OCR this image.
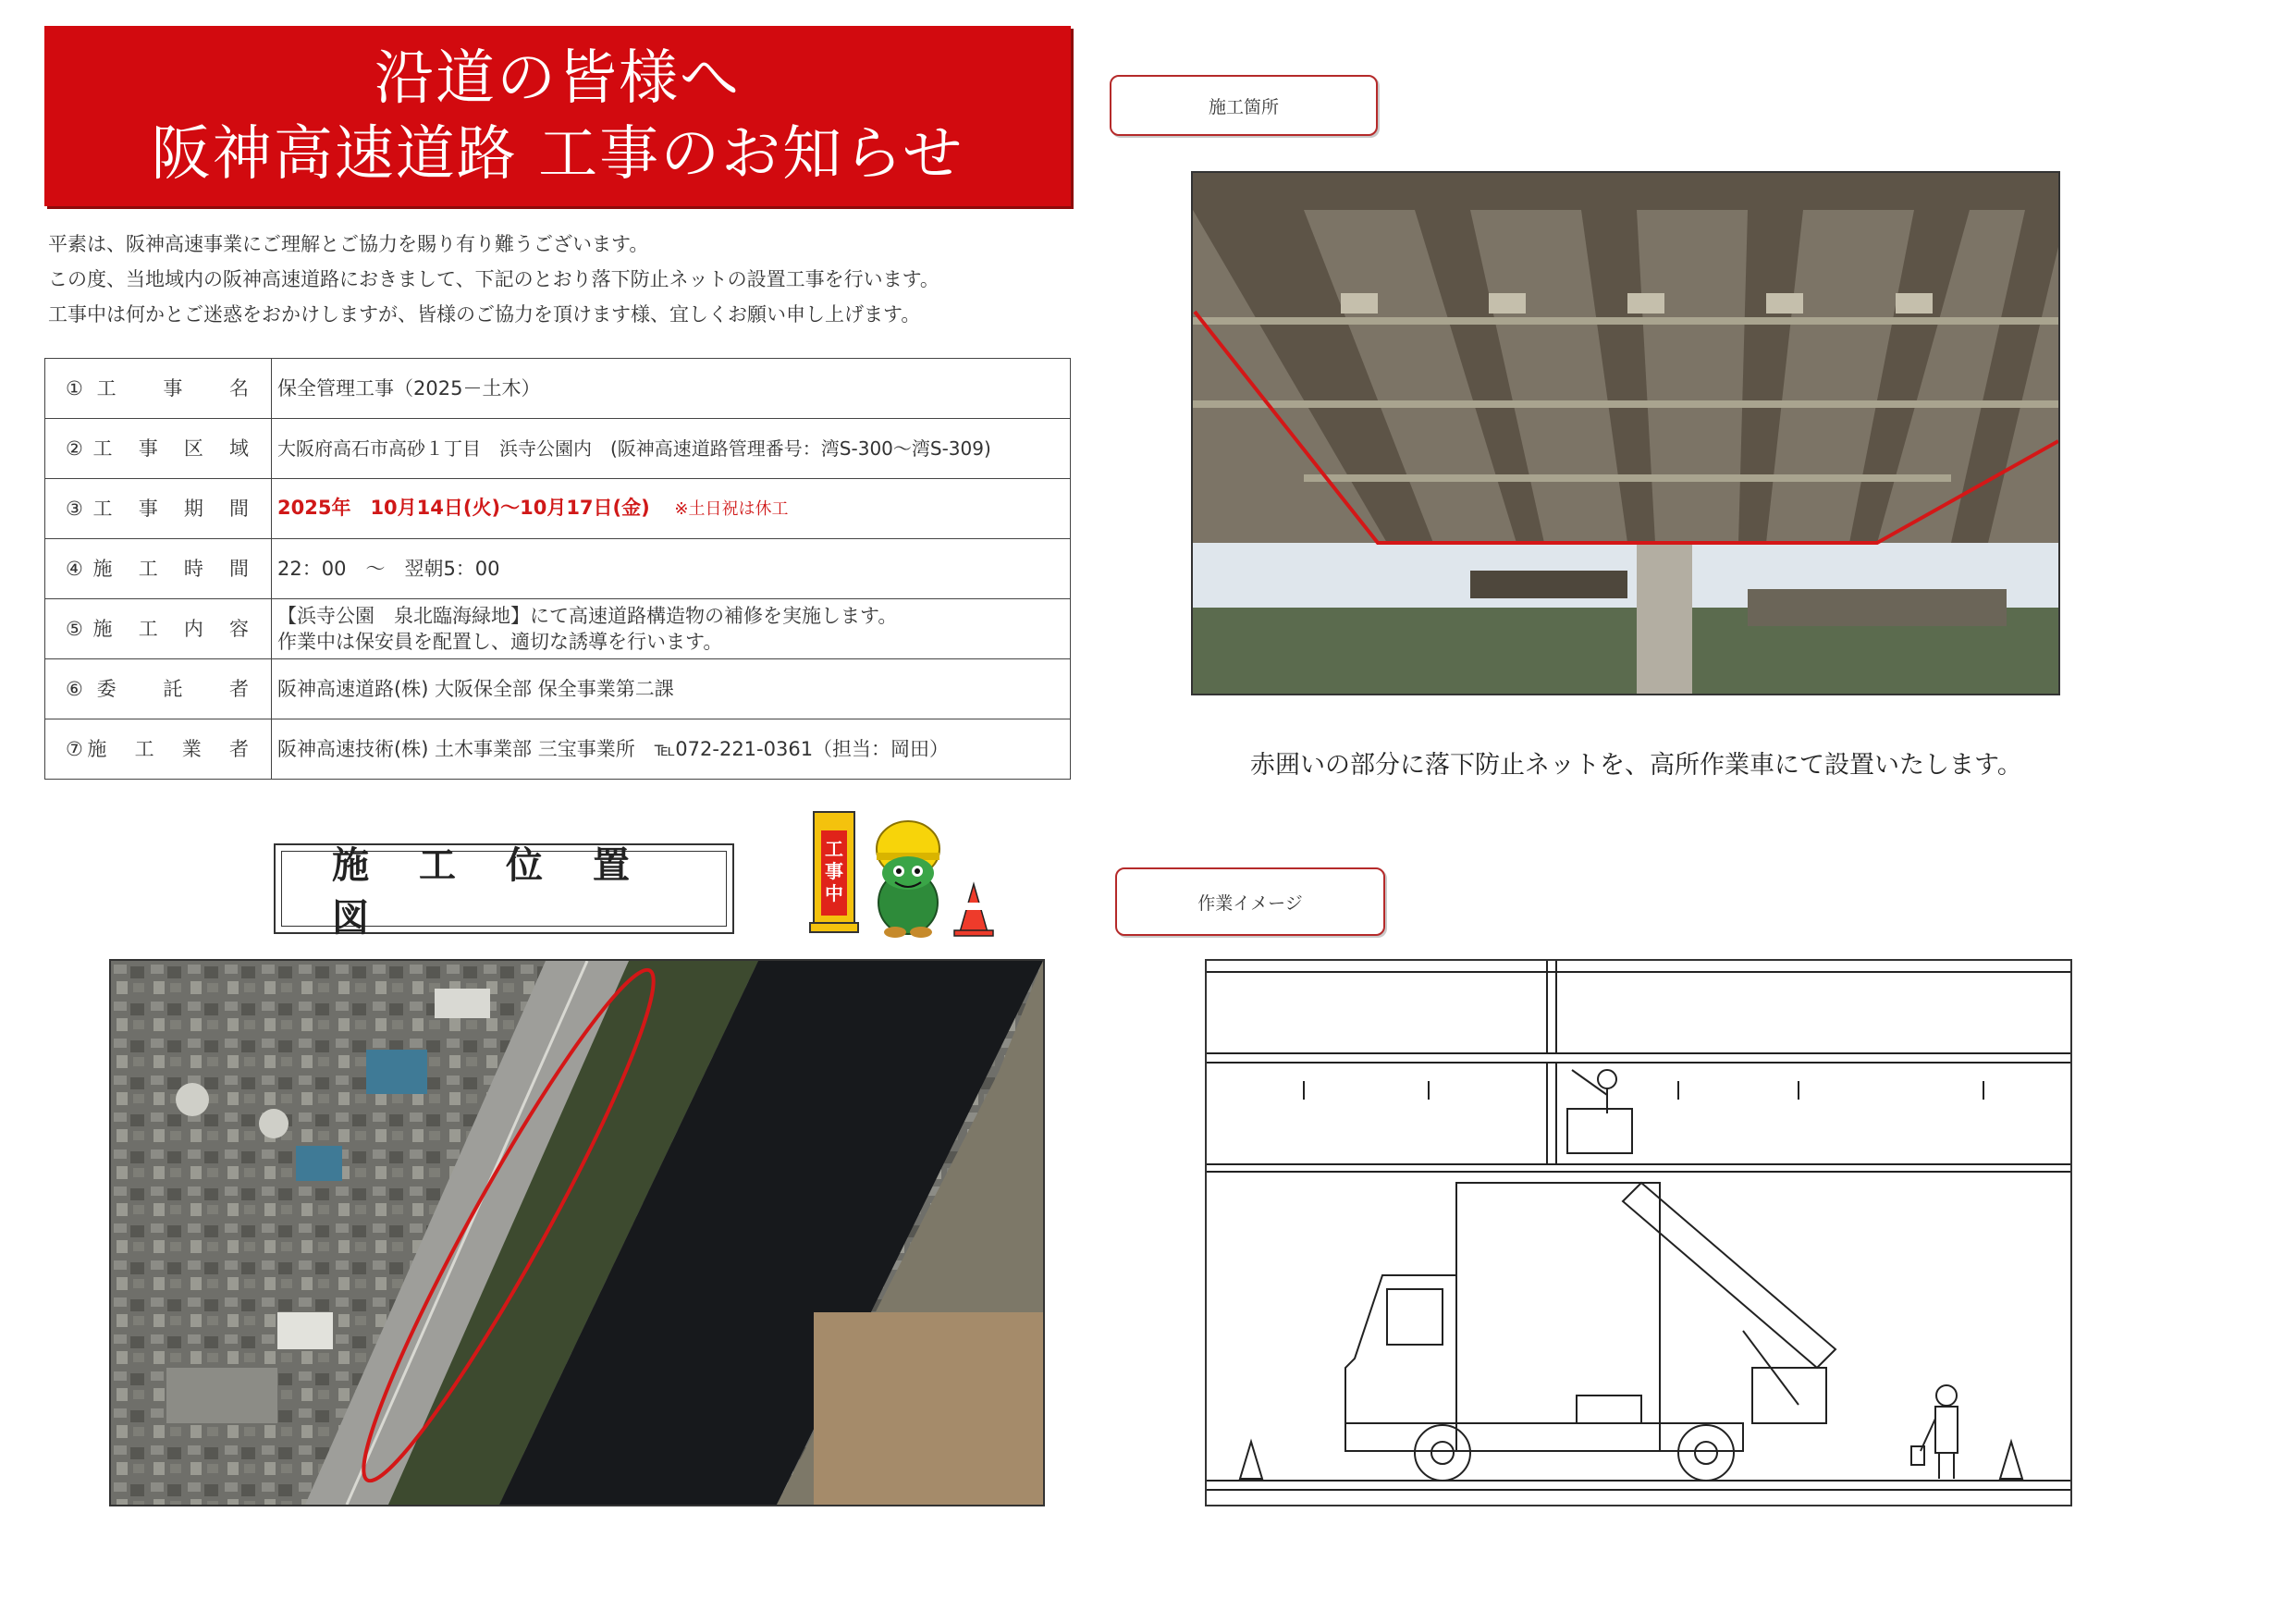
沿道の皆様へ
阪神高速道路 工事のお知らせ
平素は、阪神高速事業にご理解とご協力を賜り有り難うございます。
この度、当地域内の阪神高速道路におきまして、下記のとおり落下防止ネットの設置工事を行います。
工事中は何かとご迷惑をおかけしますが、皆様のご協力を頂けます様、宜しくお願い申し上げます。
①工　事　名	保全管理工事（2025－土木）
②工 事 区 域	大阪府高石市高砂１丁目　浜寺公園内　(阪神高速道路管理番号：湾S-300～湾S-309)
③工 事 期 間	2025年　10月14日(火)～10月17日(金) ※土日祝は休工
④施 工 時 間	22：00　～　翌朝5：00
⑤施 工 内 容	【浜寺公園　泉北臨海緑地】にて高速道路構造物の補修を実施します。
作業中は保安員を配置し、適切な誘導を行います。

⑥委　託　者	阪神高速道路(株) 大阪保全部 保全事業第二課
⑦施　工　業　者	阪神高速技術(株) 土木事業部 三宝事業所　℡072-221-0361（担当：岡田）
施工位置図
工事中
施工箇所
赤囲いの部分に落下防止ネットを、高所作業車にて設置いたします。
作業イメージ
